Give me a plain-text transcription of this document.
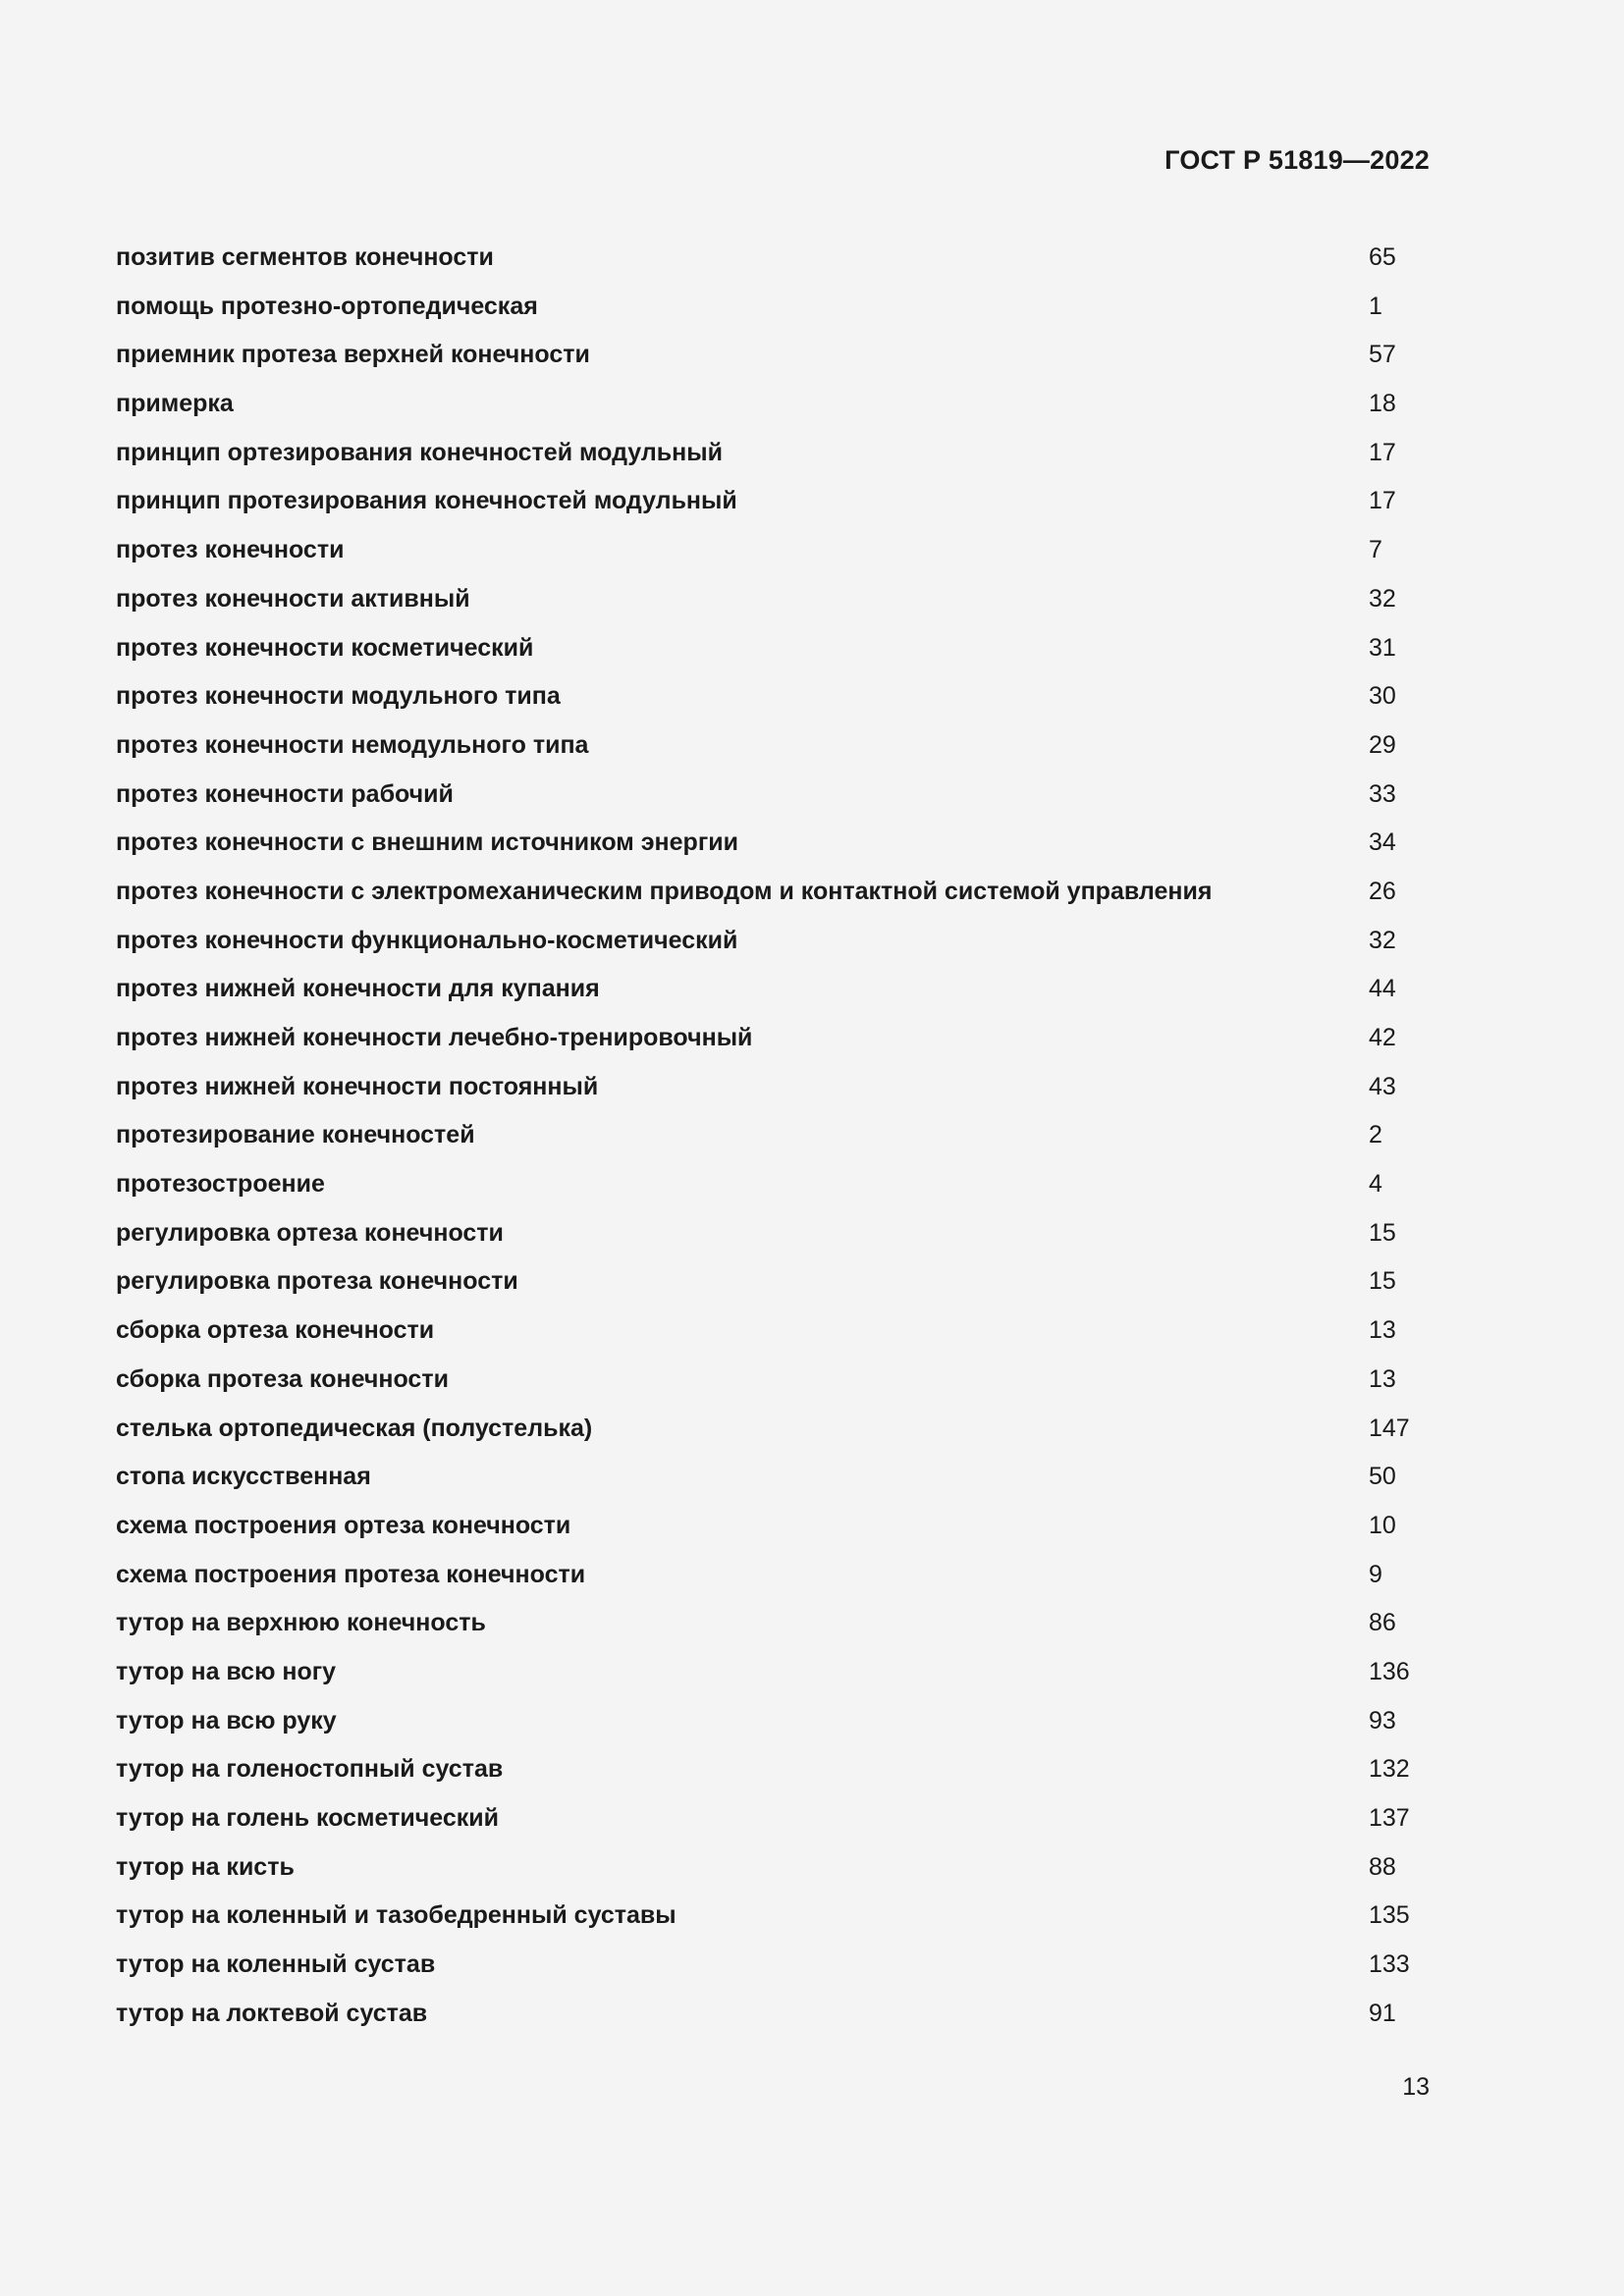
ГОСТ Р 51819—2022
позитив сегментов конечности	65
помощь протезно-ортопедическая	1
приемник протеза верхней конечности	57
примерка	18
принцип ортезирования конечностей модульный	17
принцип протезирования конечностей модульный	17
протез конечности	7
протез конечности активный	32
протез конечности косметический	31
протез конечности модульного типа	30
протез конечности немодульного типа	29
протез конечности рабочий	33
протез конечности с внешним источником энергии	34
протез конечности с электромеханическим приводом и контактной системой управления	26
протез конечности функционально-косметический	32
протез нижней конечности для купания	44
протез нижней конечности лечебно-тренировочный	42
протез нижней конечности постоянный	43
протезирование конечностей	2
протезостроение	4
регулировка ортеза конечности	15
регулировка протеза конечности	15
сборка ортеза конечности	13
сборка протеза конечности	13
стелька ортопедическая (полустелька)	147
стопа искусственная	50
схема построения ортеза конечности	10
схема построения протеза конечности	9
тутор на верхнюю конечность	86
тутор на всю ногу	136
тутор на всю руку	93
тутор на голеностопный сустав	132
тутор на голень косметический	137
тутор на кисть	88
тутор на коленный и тазобедренный суставы	135
тутор на коленный сустав	133
тутор на локтевой сустав	91
13
